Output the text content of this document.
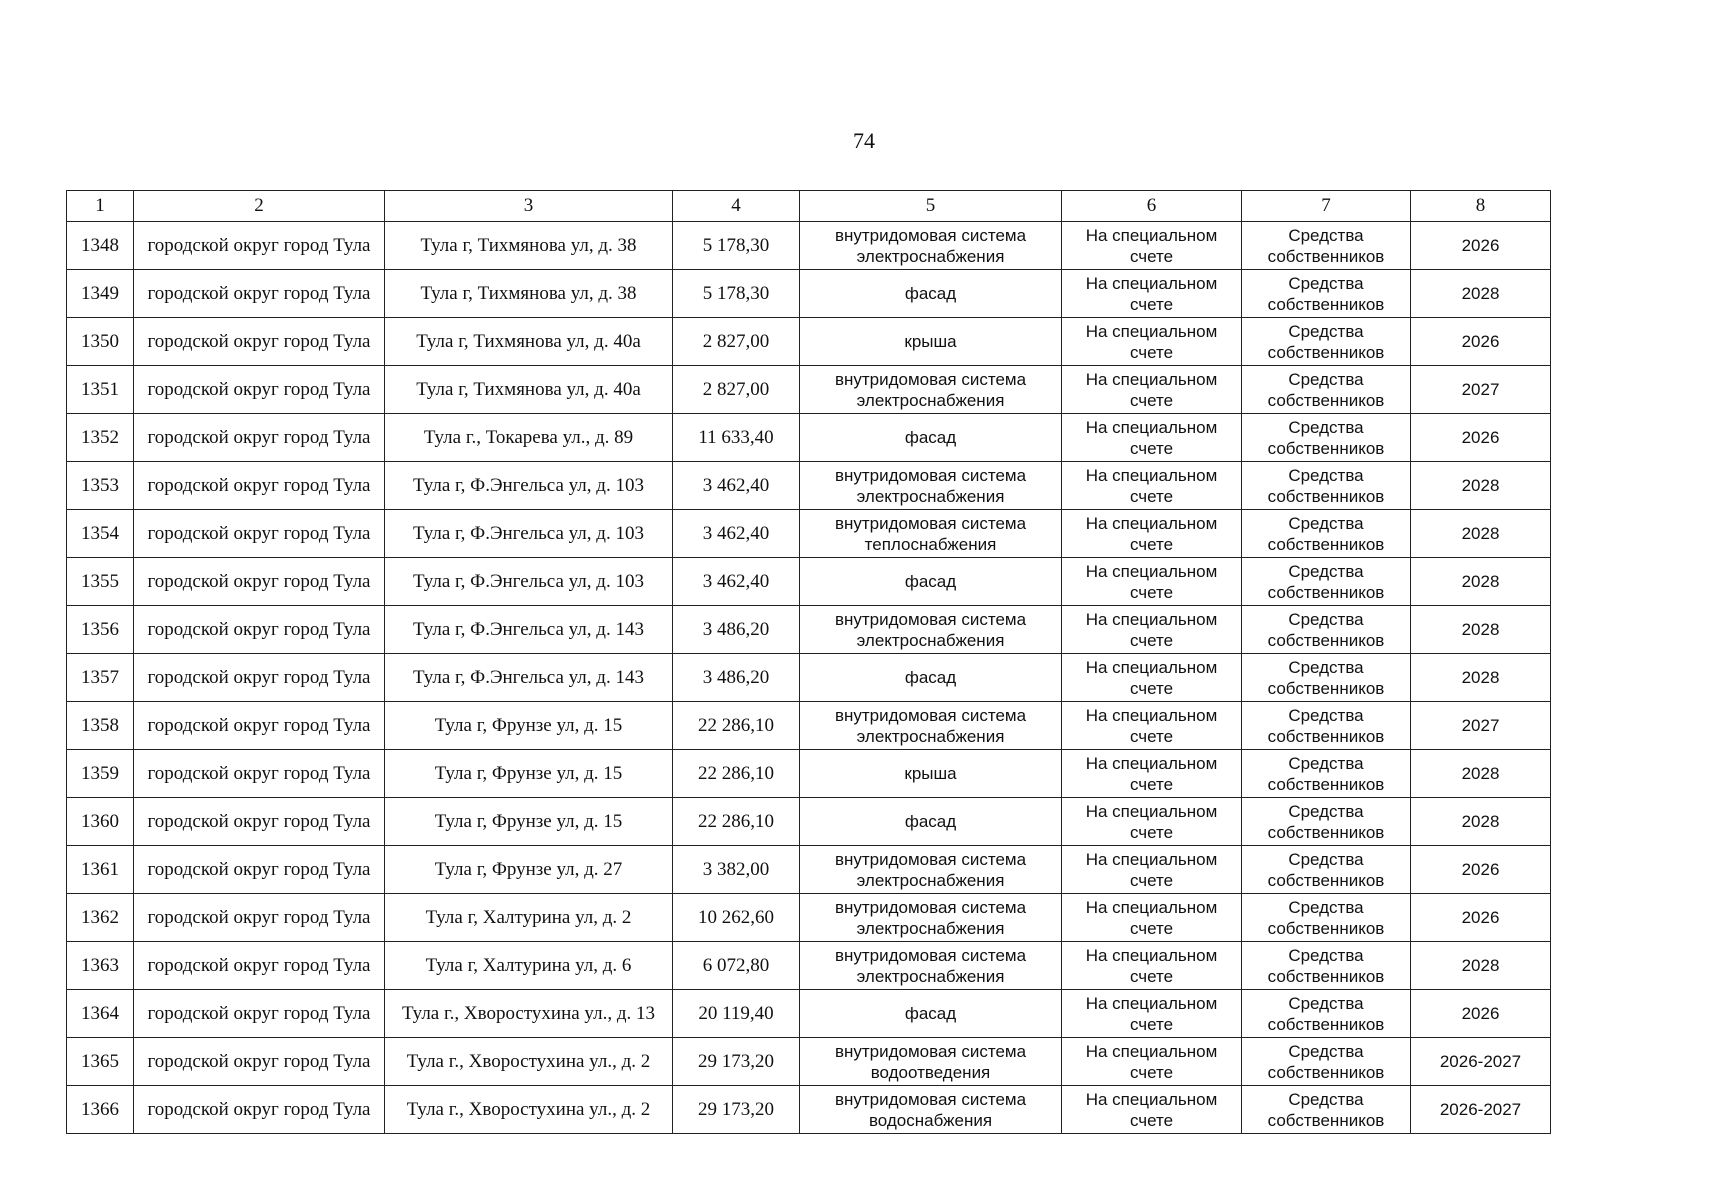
74
1	2	3	4	5	6	7	8
1348	городской округ город Тула	Тула г, Тихмянова ул, д. 38	5 178,30	внутридомовая система электроснабжения	На специальном счете	Средства собственников	2026
1349	городской округ город Тула	Тула г, Тихмянова ул, д. 38	5 178,30	фасад	На специальном счете	Средства собственников	2028
1350	городской округ город Тула	Тула г, Тихмянова ул, д. 40а	2 827,00	крыша	На специальном счете	Средства собственников	2026
1351	городской округ город Тула	Тула г, Тихмянова ул, д. 40а	2 827,00	внутридомовая система электроснабжения	На специальном счете	Средства собственников	2027
1352	городской округ город Тула	Тула г., Токарева ул., д. 89	11 633,40	фасад	На специальном счете	Средства собственников	2026
1353	городской округ город Тула	Тула г, Ф.Энгельса ул, д. 103	3 462,40	внутридомовая система электроснабжения	На специальном счете	Средства собственников	2028
1354	городской округ город Тула	Тула г, Ф.Энгельса ул, д. 103	3 462,40	внутридомовая система теплоснабжения	На специальном счете	Средства собственников	2028
1355	городской округ город Тула	Тула г, Ф.Энгельса ул, д. 103	3 462,40	фасад	На специальном счете	Средства собственников	2028
1356	городской округ город Тула	Тула г, Ф.Энгельса ул, д. 143	3 486,20	внутридомовая система электроснабжения	На специальном счете	Средства собственников	2028
1357	городской округ город Тула	Тула г, Ф.Энгельса ул, д. 143	3 486,20	фасад	На специальном счете	Средства собственников	2028
1358	городской округ город Тула	Тула г, Фрунзе ул, д. 15	22 286,10	внутридомовая система электроснабжения	На специальном счете	Средства собственников	2027
1359	городской округ город Тула	Тула г, Фрунзе ул, д. 15	22 286,10	крыша	На специальном счете	Средства собственников	2028
1360	городской округ город Тула	Тула г, Фрунзе ул, д. 15	22 286,10	фасад	На специальном счете	Средства собственников	2028
1361	городской округ город Тула	Тула г, Фрунзе ул, д. 27	3 382,00	внутридомовая система электроснабжения	На специальном счете	Средства собственников	2026
1362	городской округ город Тула	Тула г, Халтурина ул, д. 2	10 262,60	внутридомовая система электроснабжения	На специальном счете	Средства собственников	2026
1363	городской округ город Тула	Тула г, Халтурина ул, д. 6	6 072,80	внутридомовая система электроснабжения	На специальном счете	Средства собственников	2028
1364	городской округ город Тула	Тула г., Хворостухина ул., д. 13	20 119,40	фасад	На специальном счете	Средства собственников	2026
1365	городской округ город Тула	Тула г., Хворостухина ул., д. 2	29 173,20	внутридомовая система водоотведения	На специальном счете	Средства собственников	2026-2027
1366	городской округ город Тула	Тула г., Хворостухина ул., д. 2	29 173,20	внутридомовая система водоснабжения	На специальном счете	Средства собственников	2026-2027
